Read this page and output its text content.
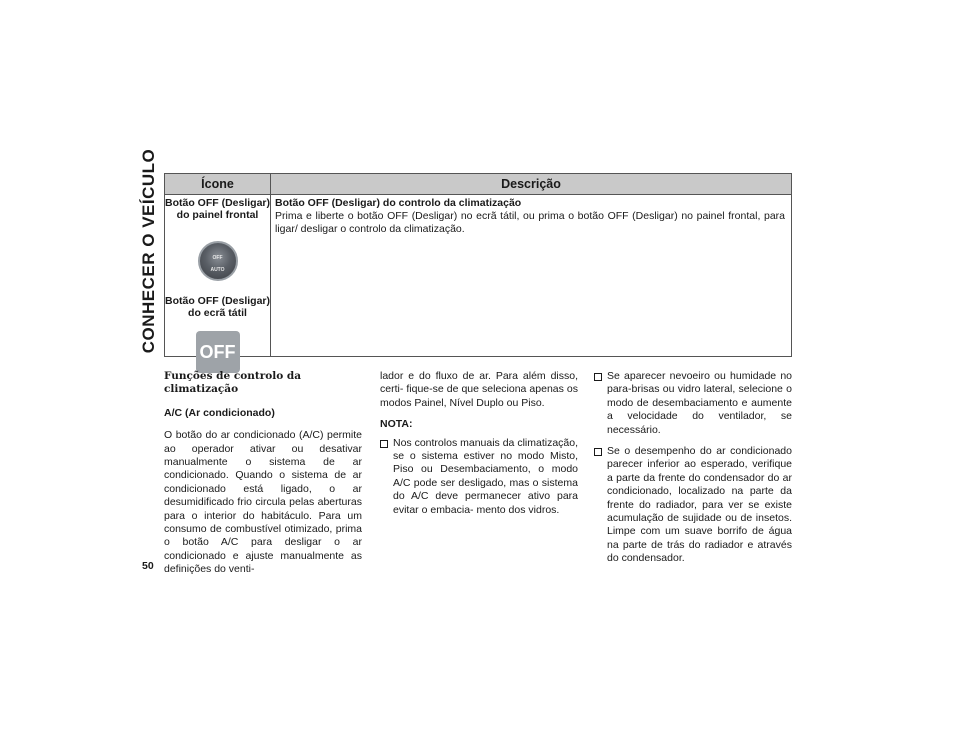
CONHECER O VEÍCULO	Ícone	Descrição
Botão OFF (Desligar) do painel frontal
OFF
AUTO
Botão OFF (Desligar) do ecrã tátil
OFF
Botão OFF (Desligar) do controlo da climatização
Prima e liberte o botão OFF (Desligar) no ecrã tátil, ou prima o botão OFF (Desligar) no painel frontal, para ligar/ desligar o controlo da climatização.
Funções de controlo da climatização
A/C (Ar condicionado)
O botão do ar condicionado (A/C) permite ao operador ativar ou desativar manualmente o sistema de ar condicionado. Quando o sistema de ar condicionado está ligado, o ar desumidificado frio circula pelas aberturas para o interior do habitáculo. Para um consumo de combustível otimizado, prima o botão A/C para desligar o ar condicionado e ajuste manualmente as definições do venti-
lador e do fluxo de ar. Para além disso, certi- fique-se de que seleciona apenas os modos Painel, Nível Duplo ou Piso.
NOTA:
Nos controlos manuais da climatização, se o sistema estiver no modo Misto, Piso ou Desembaciamento, o modo A/C pode ser desligado, mas o sistema do A/C deve permanecer ativo para evitar o embacia- mento dos vidros.
Se aparecer nevoeiro ou humidade no para-brisas ou vidro lateral, selecione o modo de desembaciamento e aumente a velocidade do ventilador, se necessário.
Se o desempenho do ar condicionado parecer inferior ao esperado, verifique a parte da frente do condensador do ar condicionado, localizado na parte da frente do radiador, para ver se existe acumulação de sujidade ou de insetos. Limpe com um suave borrifo de água na parte de trás do radiador e através do condensador.
50
